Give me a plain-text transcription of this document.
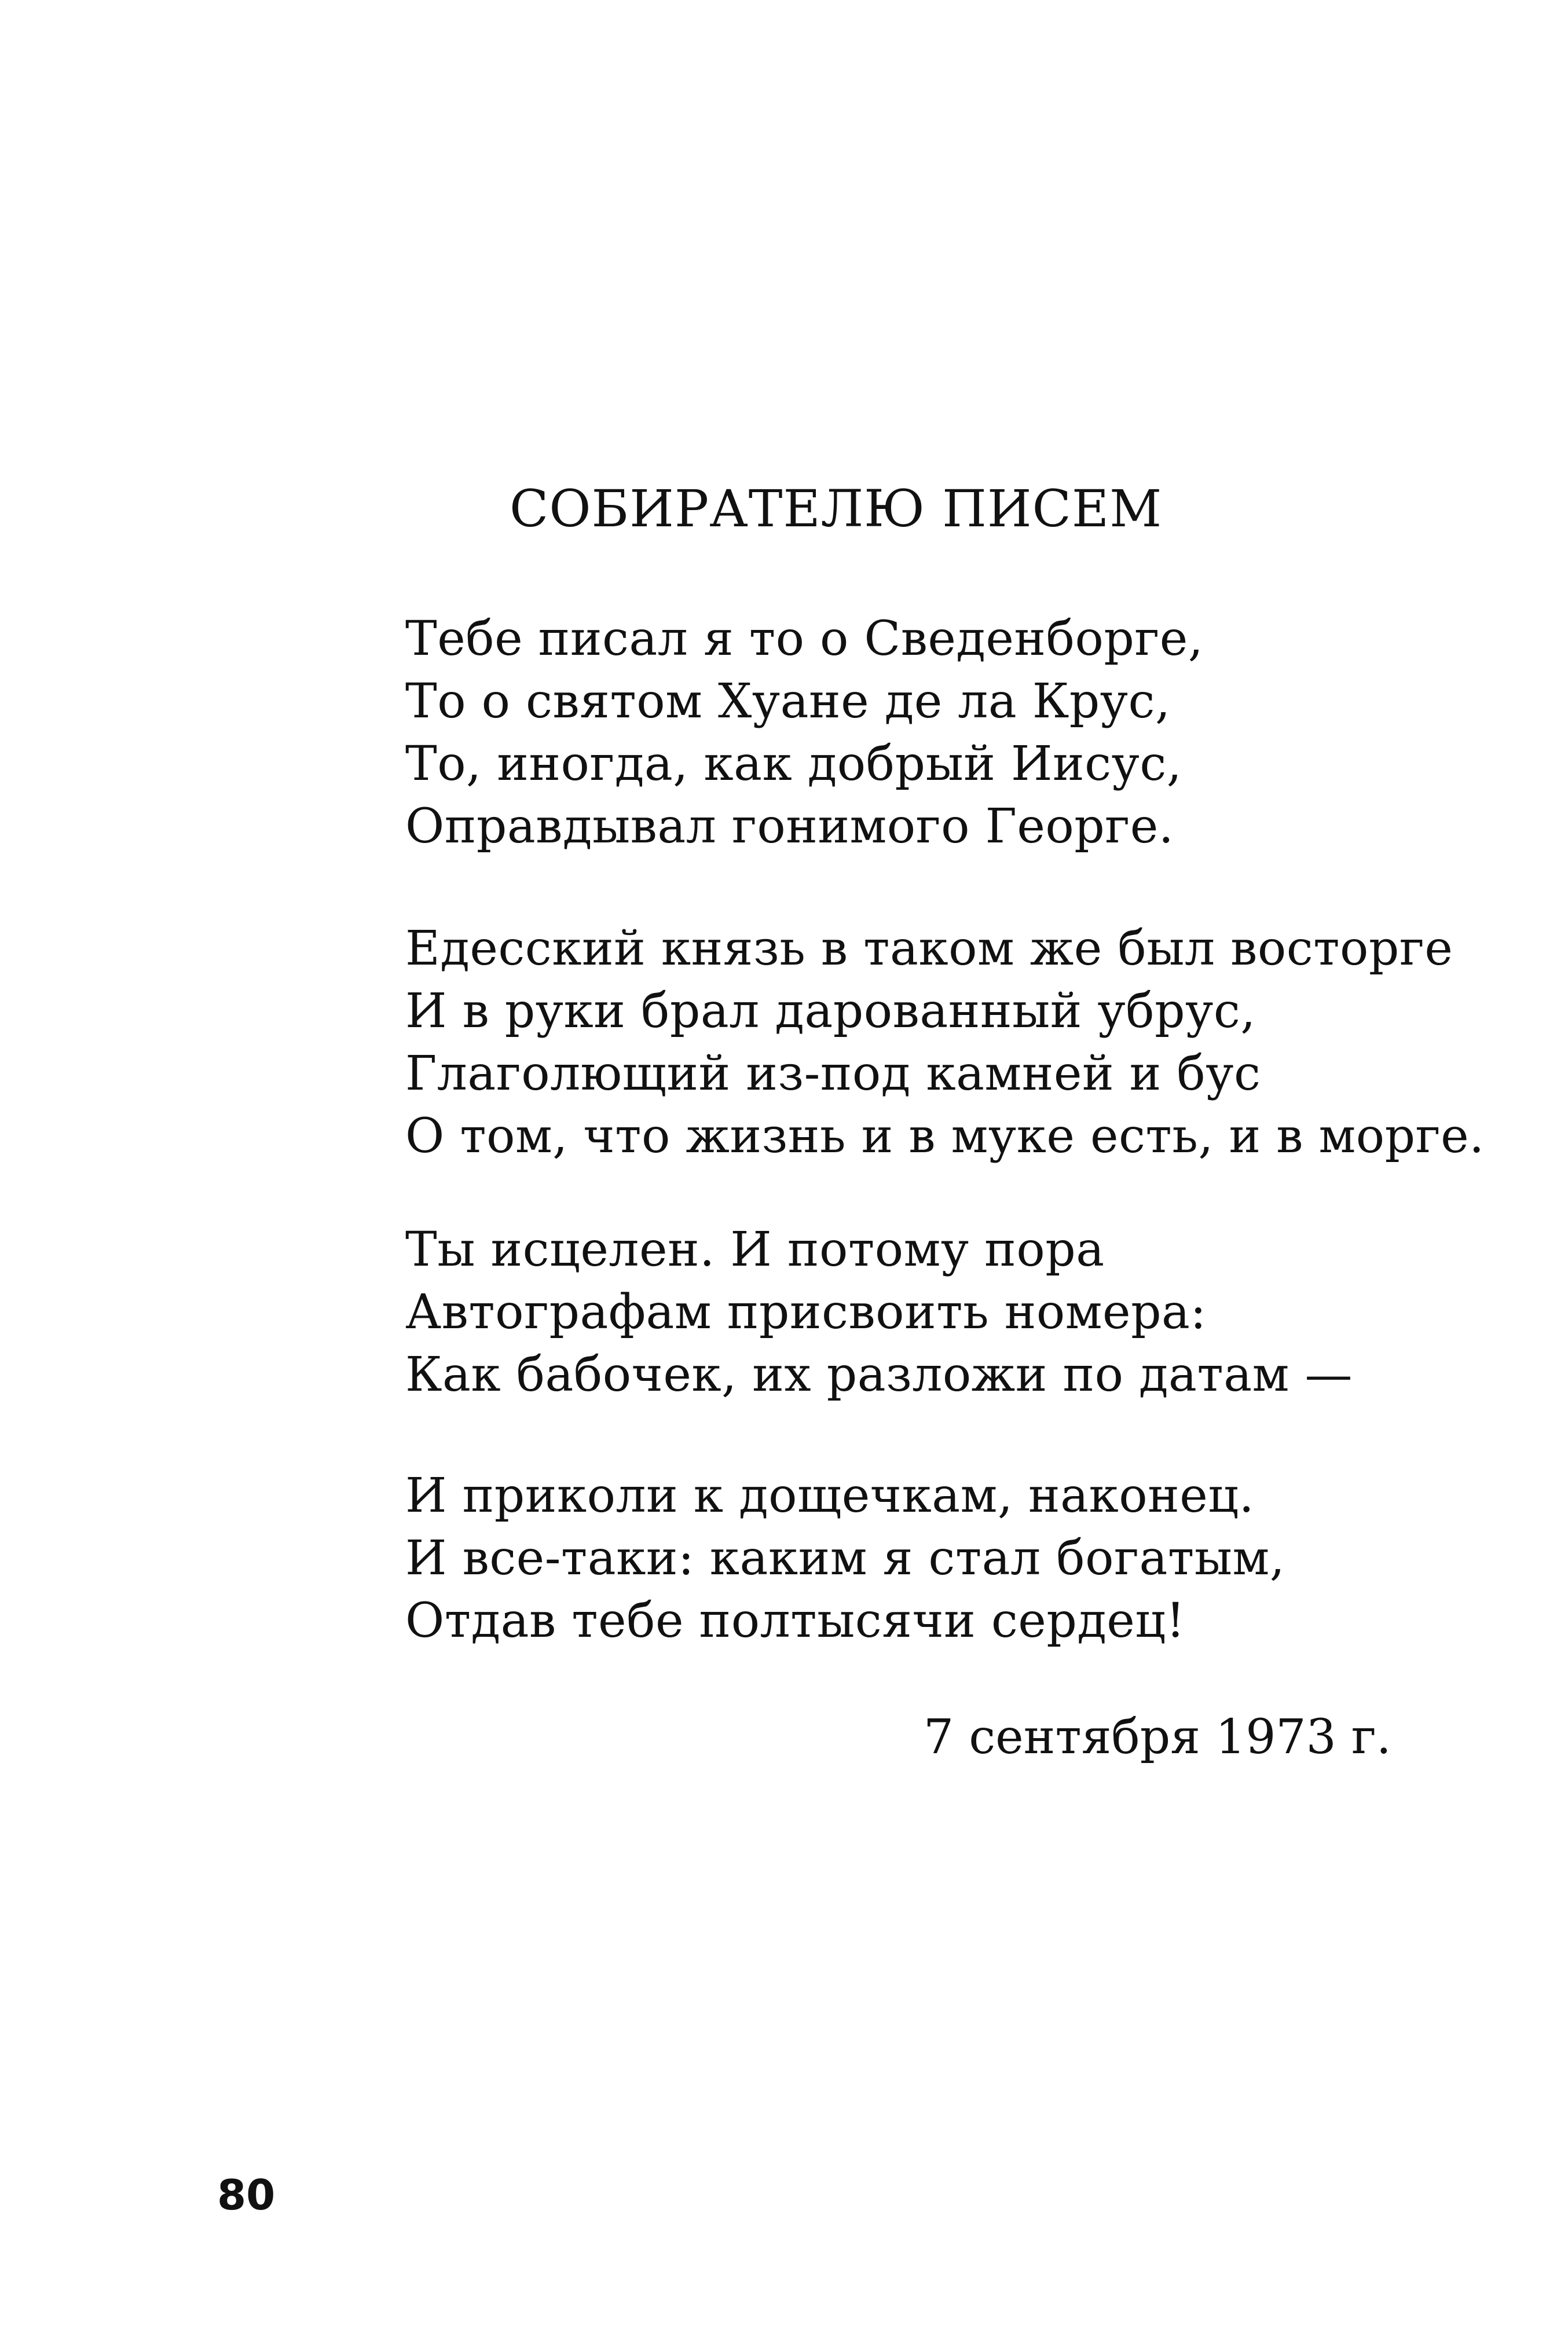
СОБИРАТЕЛЮ ПИСЕМ
Тебе писал я то о Сведенборге,
То о святом Хуане де ла Крус,
То, иногда, как добрый Иисус,
Оправдывал гонимого Георге.
Едесский князь в таком же был восторге
И в руки брал дарованный убрус,
Глаголющий из-под камней и бус
О том, что жизнь и в муке есть, и в морге.
Ты исцелен. И потому пора
Автографам присвоить номера:
Как бабочек, их разложи по датам —
И приколи к дощечкам, наконец.
И все-таки: каким я стал богатым,
Отдав тебе полтысячи сердец!
7 сентября 1973 г.
80
